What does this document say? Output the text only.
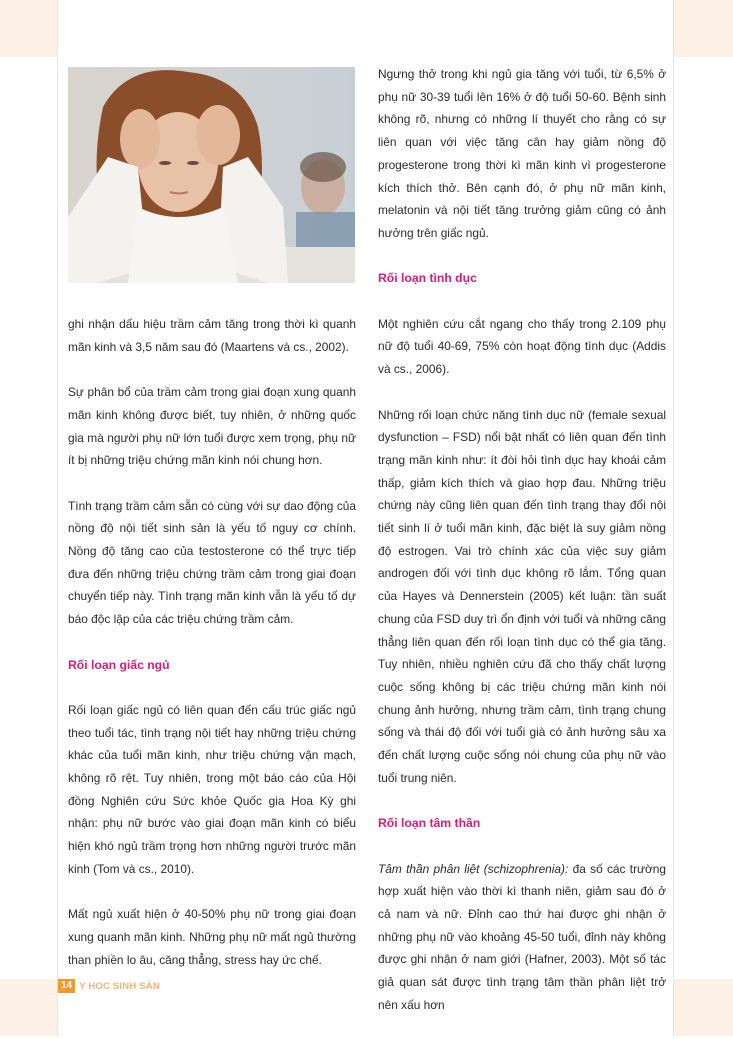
ghi nhận dấu hiệu trầm cảm tăng trong thời kì quanh mãn kinh và 3,5 năm sau đó (Maartens và cs., 2002).

Sự phân bổ của trầm cảm trong giai đoạn xung quanh mãn kinh không được biết, tuy nhiên, ở những quốc gia mà người phụ nữ lớn tuổi được xem trọng, phụ nữ ít bị những triệu chứng mãn kinh nói chung hơn.

Tình trạng trầm cảm sẵn có cùng với sự dao động của nồng độ nội tiết sinh sản là yếu tố nguy cơ chính. Nồng độ tăng cao của testosterone có thể trực tiếp đưa đến những triệu chứng trầm cảm trong giai đoạn chuyển tiếp này. Tình trạng mãn kinh vẫn là yếu tố dự báo độc lập của các triệu chứng trầm cảm.

Rối loạn giấc ngủ

Rối loạn giấc ngủ có liên quan đến cấu trúc giấc ngủ theo tuổi tác, tình trạng nội tiết hay những triệu chứng khác của tuổi mãn kinh, như triệu chứng vận mạch, không rõ rệt. Tuy nhiên, trong một báo cáo của Hội đồng Nghiên cứu Sức khỏe Quốc gia Hoa Kỳ ghi nhận: phụ nữ bước vào giai đoạn mãn kinh có biểu hiện khó ngủ trầm trọng hơn những người trước mãn kinh (Tom và cs., 2010).

Mất ngủ xuất hiện ở 40-50% phụ nữ trong giai đoạn xung quanh mãn kinh. Những phụ nữ mất ngủ thường than phiền lo âu, căng thẳng, stress hay ức chế.

Ngưng thở trong khi ngủ gia tăng với tuổi, từ 6,5% ở phụ nữ 30-39 tuổi lên 16% ở độ tuổi 50-60. Bệnh sinh không rõ, nhưng có những lí thuyết cho rằng có sự liên quan với việc tăng cân hay giảm nồng độ progesterone trong thời kì mãn kinh vì progesterone kích thích thở. Bên cạnh đó, ở phụ nữ mãn kinh, melatonin và nội tiết tăng trưởng giảm cũng có ảnh hưởng trên giấc ngủ.

Rối loạn tình dục

Một nghiên cứu cắt ngang cho thấy trong 2.109 phụ nữ độ tuổi 40-69, 75% còn hoạt động tình dục (Addis và cs., 2006).

Những rối loạn chức năng tình dục nữ (female sexual dysfunction – FSD) nổi bật nhất có liên quan đến tình trạng mãn kinh như: ít đòi hỏi tình dục hay khoái cảm thấp, giảm kích thích và giao hợp đau. Những triệu chứng này cũng liên quan đến tình trạng thay đổi nội tiết sinh lí ở tuổi mãn kinh, đặc biệt là suy giảm nồng độ estrogen. Vai trò chính xác của việc suy giảm androgen đối với tình dục không rõ lắm. Tổng quan của Hayes và Dennerstein (2005) kết luận: tần suất chung của FSD duy trì ổn định với tuổi và những căng thẳng liên quan đến rối loạn tình dục có thể gia tăng. Tuy nhiên, nhiều nghiên cứu đã cho thấy chất lượng cuộc sống không bị các triệu chứng mãn kinh nói chung ảnh hưởng, nhưng trầm cảm, tình trạng chung sống và thái độ đối với tuổi già có ảnh hưởng sâu xa đến chất lượng cuộc sống nói chung của phụ nữ vào tuổi trung niên.

Rối loạn tâm thần

Tâm thần phân liệt (schizophrenia): đa số các trường hợp xuất hiện vào thời kì thanh niên, giảm sau đó ở cả nam và nữ. Đỉnh cao thứ hai được ghi nhận ở những phụ nữ vào khoảng 45-50 tuổi, đỉnh này không được ghi nhận ở nam giới (Hafner, 2003). Một số tác giả quan sát được tình trạng tâm thần phân liệt trở nên xấu hơn

14 Y HỌC SINH SẢN
